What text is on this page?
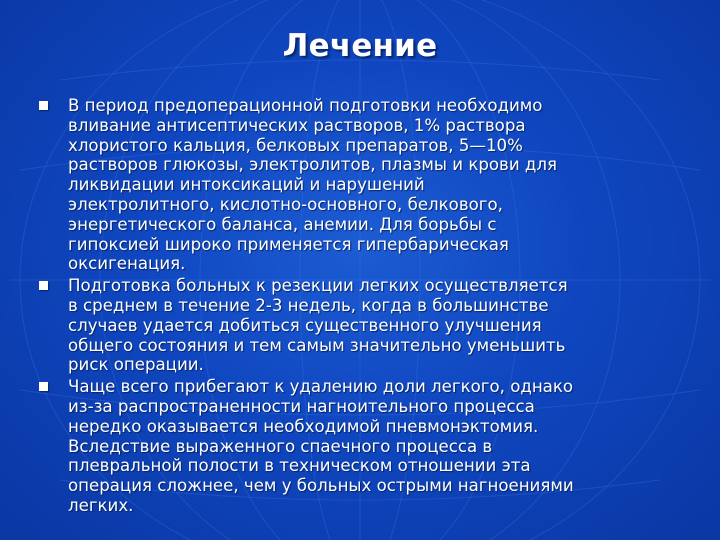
Лечение
В период предоперационной подготовки необходимо
вливание антисептических растворов, 1% раствора
хлористого кальция, белковых препаратов, 5—10%
растворов глюкозы, электролитов, плазмы и крови для
ликвидации интоксикаций и нарушений
электролитного, кислотно-основного, белкового,
энергетического баланса, анемии. Для борьбы с
гипоксией широко применяется гипербарическая
оксигенация.
Подготовка больных к резекции легких осуществляется
в среднем в течение 2-3 недель, когда в большинстве
случаев удается добиться существенного улучшения
общего состояния и тем самым значительно уменьшить
риск операции.
Чаще всего прибегают к удалению доли легкого, однако
из-за распространенности нагноительного процесса
нередко оказывается необходимой пневмонэктомия.
Вследствие выраженного спаечного процесса в
плевральной полости в техническом отношении эта
операция сложнее, чем у больных острыми нагноениями
легких.
